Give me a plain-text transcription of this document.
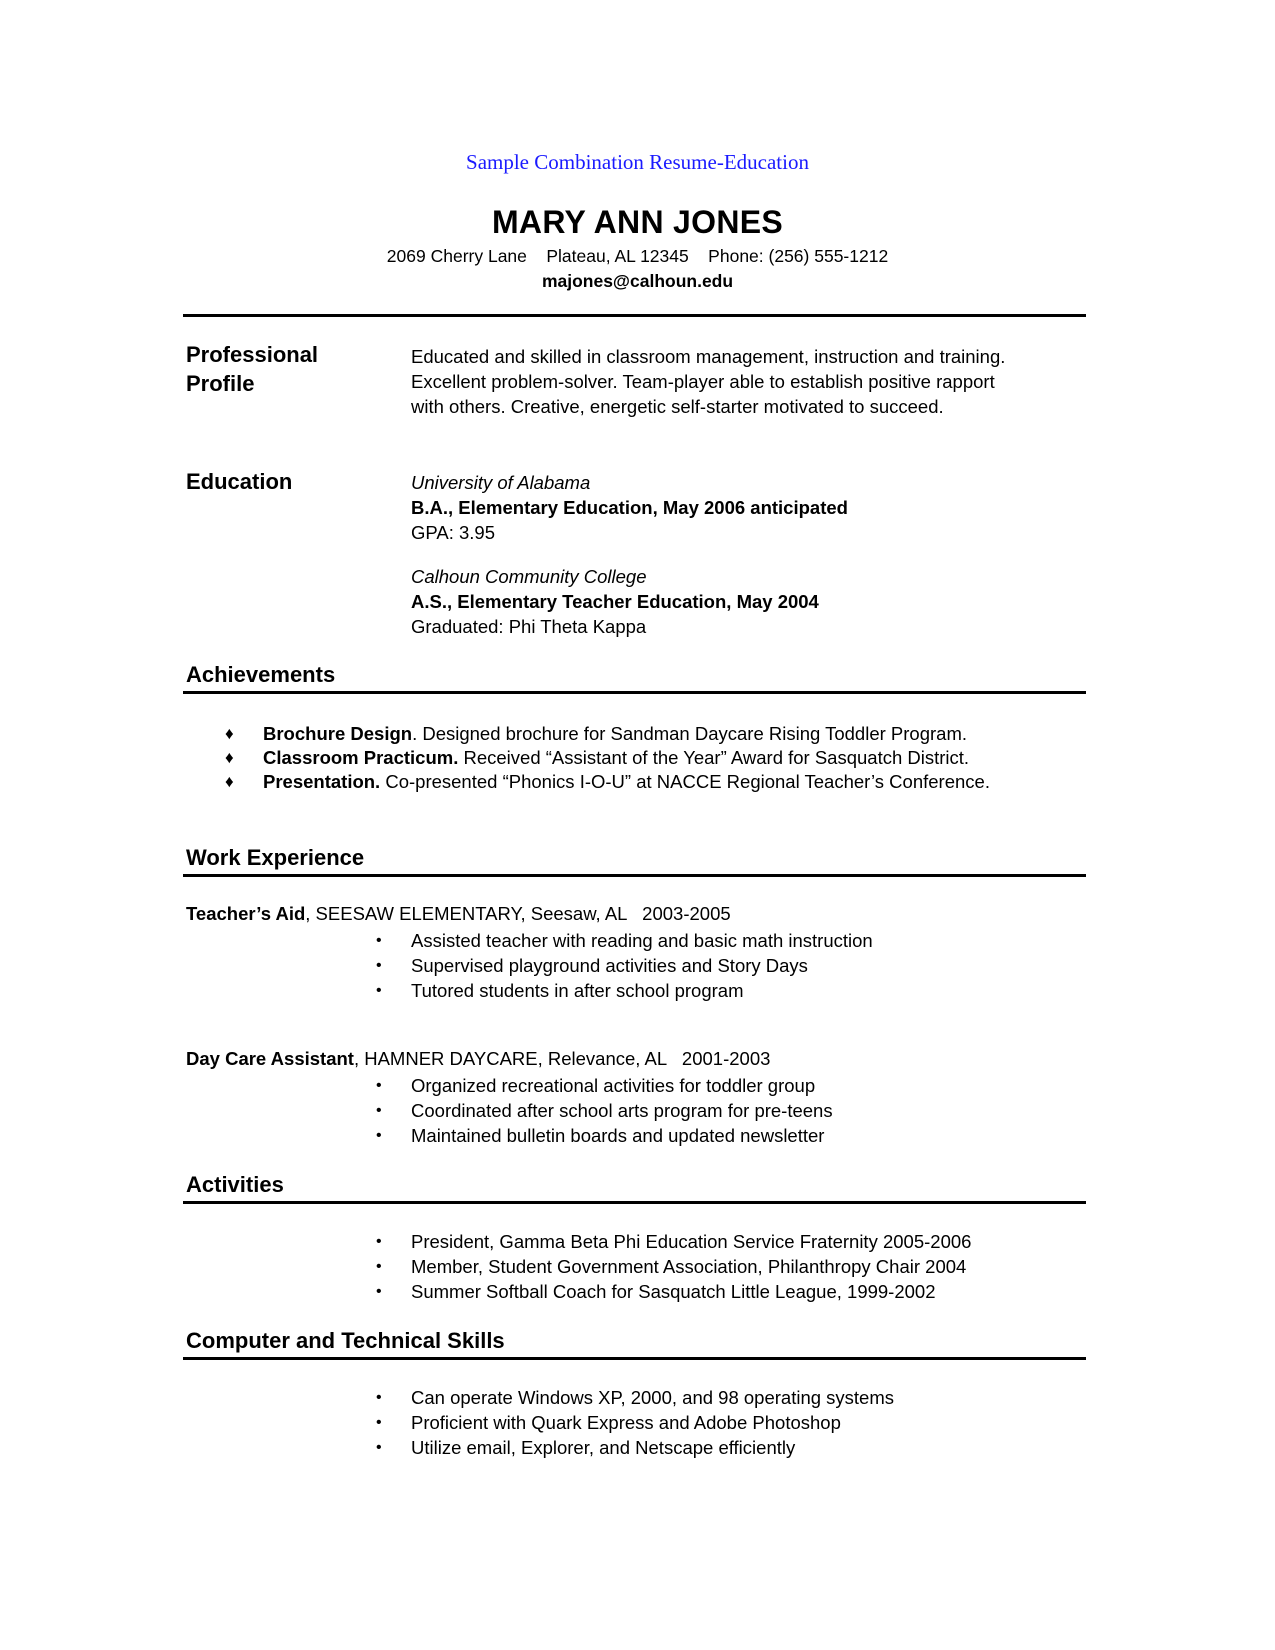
Sample Combination Resume-Education
MARY ANN JONES
2069 Cherry Lane    Plateau, AL 12345    Phone: (256) 555-1212
majones@calhoun.edu
Professional
Profile
Educated and skilled in classroom management, instruction and training.
Excellent problem-solver. Team-player able to establish positive rapport
with others. Creative, energetic self-starter motivated to succeed.
Education	University of Alabama
B.A., Elementary Education, May 2006 anticipated
GPA: 3.95
Calhoun Community College
A.S., Elementary Teacher Education, May 2004
Graduated: Phi Theta Kappa
Achievements
♦	Brochure Design. Designed brochure for Sandman Daycare Rising Toddler Program.
♦	Classroom Practicum. Received “Assistant of the Year” Award for Sasquatch District.
♦	Presentation. Co-presented “Phonics I-O-U” at NACCE Regional Teacher’s Conference.
Work Experience
Teacher’s Aid, SEESAW ELEMENTARY, Seesaw, AL   2003-2005
•	Assisted teacher with reading and basic math instruction
•	Supervised playground activities and Story Days
•	Tutored students in after school program
Day Care Assistant, HAMNER DAYCARE, Relevance, AL   2001-2003
•	Organized recreational activities for toddler group
•	Coordinated after school arts program for pre-teens
•	Maintained bulletin boards and updated newsletter
Activities
•	President, Gamma Beta Phi Education Service Fraternity 2005-2006
•	Member, Student Government Association, Philanthropy Chair 2004
•	Summer Softball Coach for Sasquatch Little League, 1999-2002
Computer and Technical Skills
•	Can operate Windows XP, 2000, and 98 operating systems
•	Proficient with Quark Express and Adobe Photoshop
•	Utilize email, Explorer, and Netscape efficiently
